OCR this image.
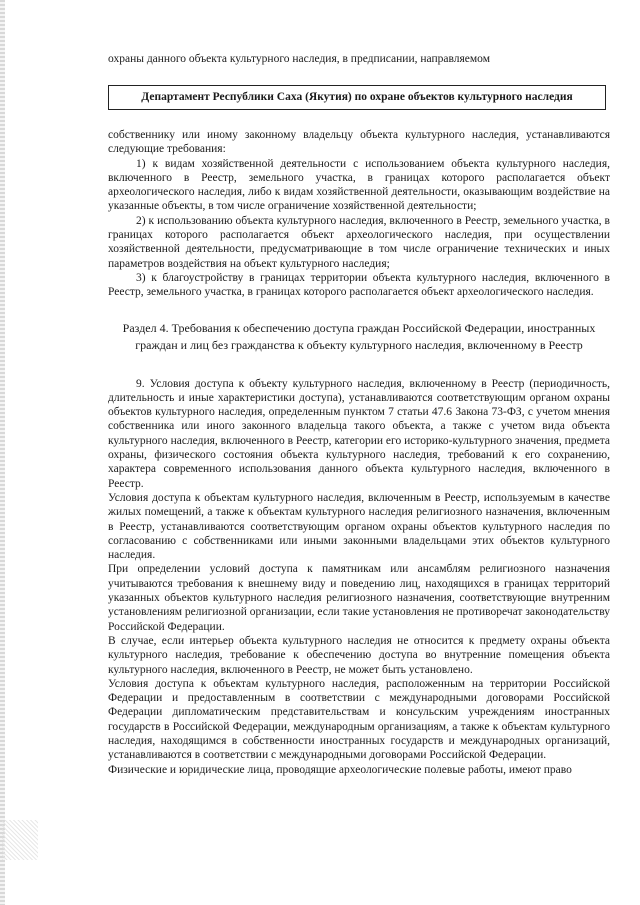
охраны данного объекта культурного наследия, в предписании, направляемом

Департамент Республики Саха (Якутия) по охране объектов культурного наследия

собственнику или иному законному владельцу объекта культурного наследия, устанавливаются следующие требования:

1) к видам хозяйственной деятельности с использованием объекта культурного наследия, включенного в Реестр, земельного участка, в границах которого располагается объект археологического наследия, либо к видам хозяйственной деятельности, оказывающим воздействие на указанные объекты, в том числе ограничение хозяйственной деятельности;

2) к использованию объекта культурного наследия, включенного в Реестр, земельного участка, в границах которого располагается объект археологического наследия, при осуществлении хозяйственной деятельности, предусматривающие в том числе ограничение технических и иных параметров воздействия на объект культурного наследия;

3) к благоустройству в границах территории объекта культурного наследия, включенного в Реестр, земельного участка, в границах которого располагается объект археологического наследия.

Раздел 4. Требования к обеспечению доступа граждан Российской Федерации, иностранных граждан и лиц без гражданства к объекту культурного наследия, включенному в Реестр

9. Условия доступа к объекту культурного наследия, включенному в Реестр (периодичность, длительность и иные характеристики доступа), устанавливаются соответствующим органом охраны объектов культурного наследия, определенным пунктом 7 статьи 47.6 Закона 73-ФЗ, с учетом мнения собственника или иного законного владельца такого объекта, а также с учетом вида объекта культурного наследия, включенного в Реестр, категории его историко-культурного значения, предмета охраны, физического состояния объекта культурного наследия, требований к его сохранению, характера современного использования данного объекта культурного наследия, включенного в Реестр.

Условия доступа к объектам культурного наследия, включенным в Реестр, используемым в качестве жилых помещений, а также к объектам культурного наследия религиозного назначения, включенным в Реестр, устанавливаются соответствующим органом охраны объектов культурного наследия по согласованию с собственниками или иными законными владельцами этих объектов культурного наследия.

При определении условий доступа к памятникам или ансамблям религиозного назначения учитываются требования к внешнему виду и поведению лиц, находящихся в границах территорий указанных объектов культурного наследия религиозного назначения, соответствующие внутренним установлениям религиозной организации, если такие установления не противоречат законодательству Российской Федерации.

В случае, если интерьер объекта культурного наследия не относится к предмету охраны объекта культурного наследия, требование к обеспечению доступа во внутренние помещения объекта культурного наследия, включенного в Реестр, не может быть установлено.

Условия доступа к объектам культурного наследия, расположенным на территории Российской Федерации и предоставленным в соответствии с международными договорами Российской Федерации дипломатическим представительствам и консульским учреждениям иностранных государств в Российской Федерации, международным организациям, а также к объектам культурного наследия, находящимся в собственности иностранных государств и международных организаций, устанавливаются в соответствии с международными договорами Российской Федерации.

Физические и юридические лица, проводящие археологические полевые работы, имеют право
